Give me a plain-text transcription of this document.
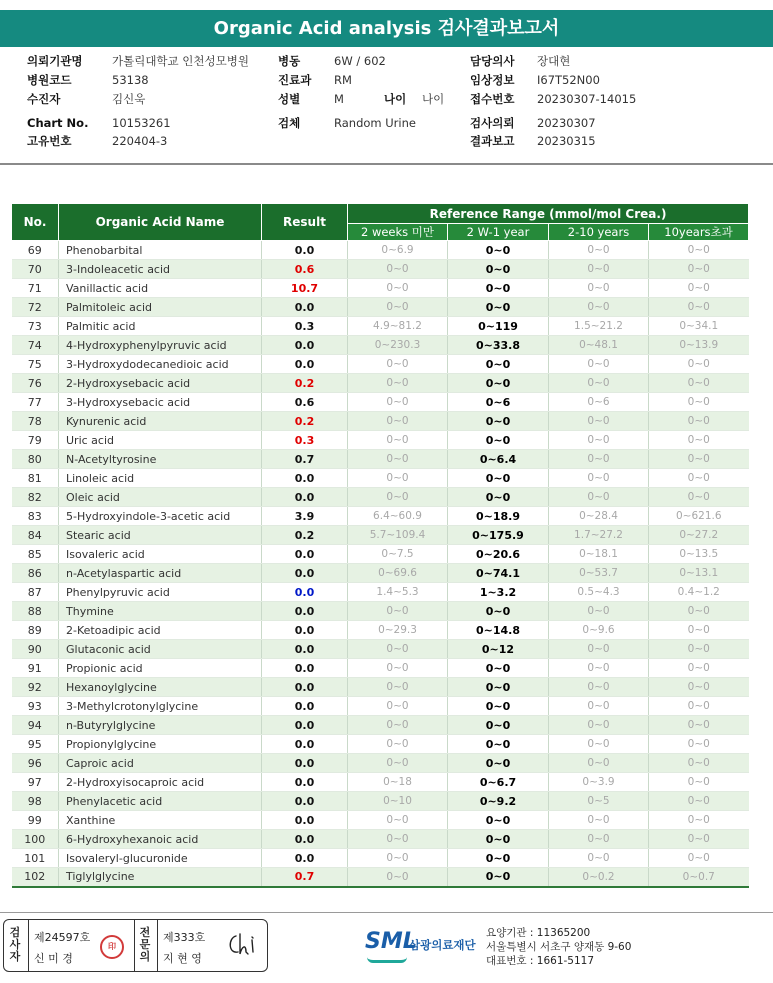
Organic Acid analysis 검사결과보고서
의뢰기관명	가톨릭대학교 인천성모병원	병동	6W / 602	담당의사 장대현
병원코드	53138	진료과 RM	임상정보 I67T52N00
수진자	김신욱	성별	M	나이 나이 접수번호 20230307-14015
Chart No. 10153261	검체	Random Urine	검사의뢰 20230307
고유번호	220404-3	결과보고 20230315
No.	Organic Acid Name	Result	Reference Range (mmol/mol Crea.)			
			2 weeks 미만	2 W-1 year	2-10 years	10years초과
69	Phenobarbital	0.0	0~6.9	0~0	0~0	0~0
70	3-Indoleacetic acid	0.6	0~0	0~0	0~0	0~0
71	Vanillactic acid	10.7	0~0	0~0	0~0	0~0
72	Palmitoleic acid	0.0	0~0	0~0	0~0	0~0
73	Palmitic acid	0.3	4.9~81.2	0~119	1.5~21.2	0~34.1
74	4-Hydroxyphenylpyruvic acid	0.0	0~230.3	0~33.8	0~48.1	0~13.9
75	3-Hydroxydodecanedioic acid	0.0	0~0	0~0	0~0	0~0
76	2-Hydroxysebacic acid	0.2	0~0	0~0	0~0	0~0
77	3-Hydroxysebacic acid	0.6	0~0	0~6	0~6	0~0
78	Kynurenic acid	0.2	0~0	0~0	0~0	0~0
79	Uric acid	0.3	0~0	0~0	0~0	0~0
80	N-Acetyltyrosine	0.7	0~0	0~6.4	0~0	0~0
81	Linoleic acid	0.0	0~0	0~0	0~0	0~0
82	Oleic acid	0.0	0~0	0~0	0~0	0~0
83	5-Hydroxyindole-3-acetic acid	3.9	6.4~60.9	0~18.9	0~28.4	0~621.6
84	Stearic acid	0.2	5.7~109.4	0~175.9	1.7~27.2	0~27.2
85	Isovaleric acid	0.0	0~7.5	0~20.6	0~18.1	0~13.5
86	n-Acetylaspartic acid	0.0	0~69.6	0~74.1	0~53.7	0~13.1
87	Phenylpyruvic acid	0.0	1.4~5.3	1~3.2	0.5~4.3	0.4~1.2
88	Thymine	0.0	0~0	0~0	0~0	0~0
89	2-Ketoadipic acid	0.0	0~29.3	0~14.8	0~9.6	0~0
90	Glutaconic acid	0.0	0~0	0~12	0~0	0~0
91	Propionic acid	0.0	0~0	0~0	0~0	0~0
92	Hexanoylglycine	0.0	0~0	0~0	0~0	0~0
93	3-Methylcrotonylglycine	0.0	0~0	0~0	0~0	0~0
94	n-Butyrylglycine	0.0	0~0	0~0	0~0	0~0
95	Propionylglycine	0.0	0~0	0~0	0~0	0~0
96	Caproic acid	0.0	0~0	0~0	0~0	0~0
97	2-Hydroxyisocaproic acid	0.0	0~18	0~6.7	0~3.9	0~0
98	Phenylacetic acid	0.0	0~10	0~9.2	0~5	0~0
99	Xanthine	0.0	0~0	0~0	0~0	0~0
100	6-Hydroxyhexanoic acid	0.0	0~0	0~0	0~0	0~0
101	Isovaleryl-glucuronide	0.0	0~0	0~0	0~0	0~0
102	Tiglylglycine	0.7	0~0	0~0	0~0.2	0~0.7
검사자
제24597호
신 미 경
印
전문의
제333호
지 현 영
SML
삼광의료재단
요양기관 : 11365200
서울특별시 서초구 양재동 9-60
대표번호 : 1661-5117
